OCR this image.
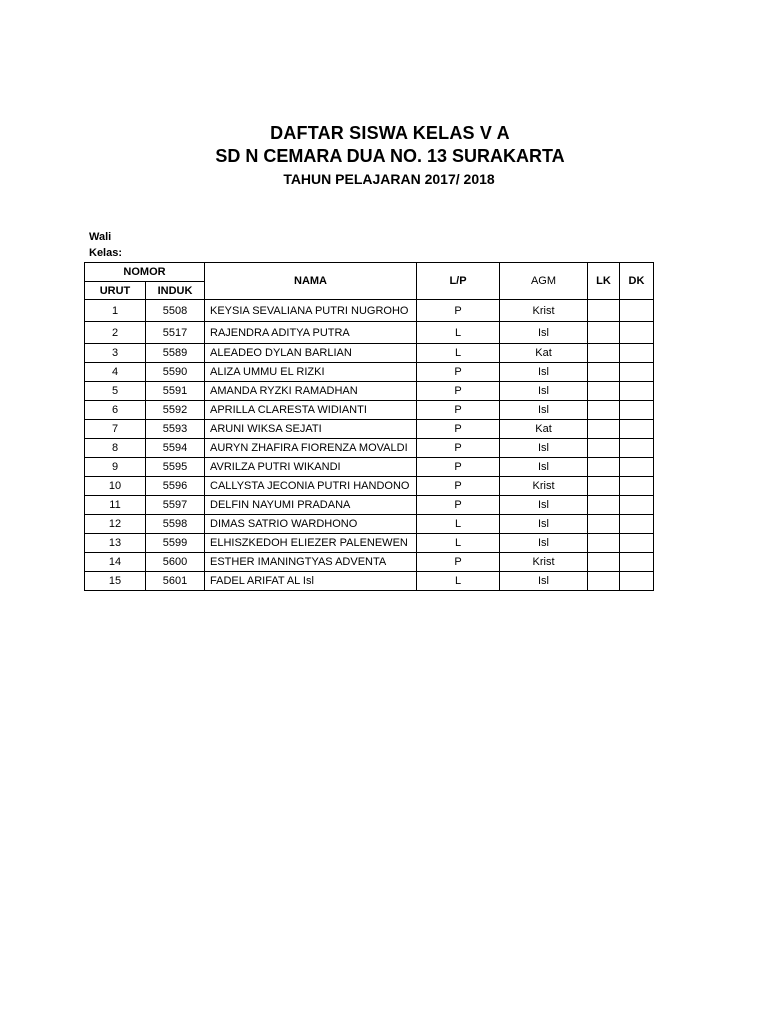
DAFTAR SISWA KELAS V A
SD N CEMARA DUA NO. 13 SURAKARTA
TAHUN PELAJARAN 2017/ 2018
Wali
Kelas:
NOMOR		NAMA	L/P	AGM	LK	DK
URUT	INDUK					
1	5508	KEYSIA SEVALIANA PUTRI NUGROHO	P	Krist		
2	5517	RAJENDRA ADITYA PUTRA	L	Isl		
3	5589	ALEADEO DYLAN BARLIAN	L	Kat		
4	5590	ALIZA UMMU EL RIZKI	P	Isl		
5	5591	AMANDA RYZKI RAMADHAN	P	Isl		
6	5592	APRILLA CLARESTA WIDIANTI	P	Isl		
7	5593	ARUNI WIKSA SEJATI	P	Kat		
8	5594	AURYN ZHAFIRA FIORENZA MOVALDI	P	Isl		
9	5595	AVRILZA PUTRI WIKANDI	P	Isl		
10	5596	CALLYSTA JECONIA PUTRI HANDONO	P	Krist		
11	5597	DELFIN NAYUMI PRADANA	P	Isl		
12	5598	DIMAS SATRIO WARDHONO	L	Isl		
13	5599	ELHISZKEDOH ELIEZER PALENEWEN	L	Isl		
14	5600	ESTHER IMANINGTYAS ADVENTA	P	Krist		
15	5601	FADEL ARIFAT AL Isl	L	Isl		
